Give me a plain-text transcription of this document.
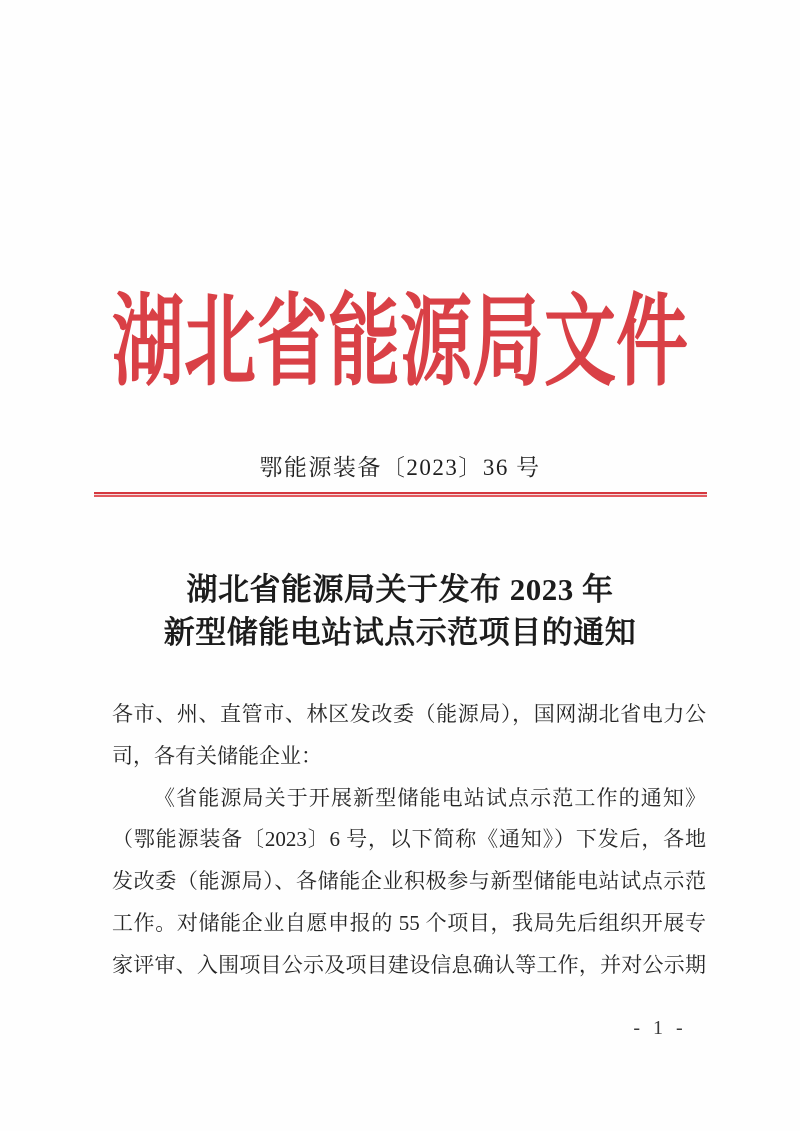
湖北省能源局文件
鄂能源装备〔2023〕36 号
湖北省能源局关于发布 2023 年
新型储能电站试点示范项目的通知
各市、州、直管市、林区发改委（能源局），国网湖北省电力公
司，各有关储能企业：
《省能源局关于开展新型储能电站试点示范工作的通知》
（鄂能源装备〔2023〕6 号，以下简称《通知》）下发后，各地
发改委（能源局）、各储能企业积极参与新型储能电站试点示范
工作。对储能企业自愿申报的 55 个项目，我局先后组织开展专
家评审、入围项目公示及项目建设信息确认等工作，并对公示期
- 1 -
